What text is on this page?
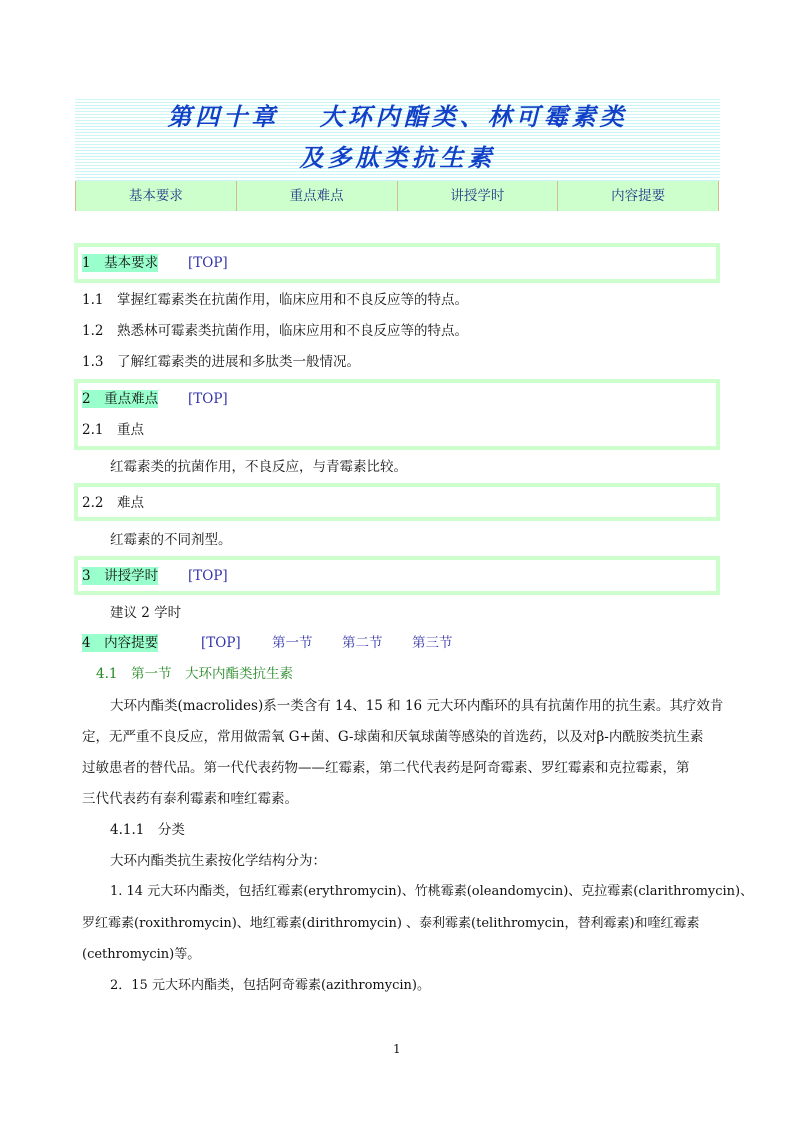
第四十章　 大环内酯类、林可霉素类
及多肽类抗生素
基本要求	重点难点	讲授学时	内容提要
1　 基本要求 [TOP]
1.1　掌握红霉素类在抗菌作用，临床应用和不良反应等的特点。
1.2　熟悉林可霉素类抗菌作用，临床应用和不良反应等的特点。
1.3　了解红霉素类的进展和多肽类一般情况。
2　 重点难点 [TOP]
2.1　重点
红霉素类的抗菌作用，不良反应，与青霉素比较。
2.2　难点
红霉素的不同剂型。
3　 讲授学时 [TOP]
建议 2 学时
4　 内容提要	[TOP] 第一节 第二节 第三节
4.1　第一节　大环内酯类抗生素
大环内酯类(macrolides)系一类含有 14、15 和 16 元大环内酯环的具有抗菌作用的抗生素。其疗效肯
定，无严重不良反应，常用做需氧 G+菌、G-球菌和厌氧球菌等感染的首选药，以及对β-内酰胺类抗生素
过敏患者的替代品。第一代代表药物——红霉素，第二代代表药是阿奇霉素、罗红霉素和克拉霉素，第
三代代表药有泰利霉素和喹红霉素。
4.1.1　分类
大环内酯类抗生素按化学结构分为：
1. 14 元大环内酯类，包括红霉素(erythromycin)、竹桃霉素(oleandomycin)、克拉霉素(clarithromycin)、
罗红霉素(roxithromycin)、地红霉素(dirithromycin) 、泰利霉素(telithromycin，替利霉素)和喹红霉素
(cethromycin)等。
2．15 元大环内酯类，包括阿奇霉素(azithromycin)。
1
